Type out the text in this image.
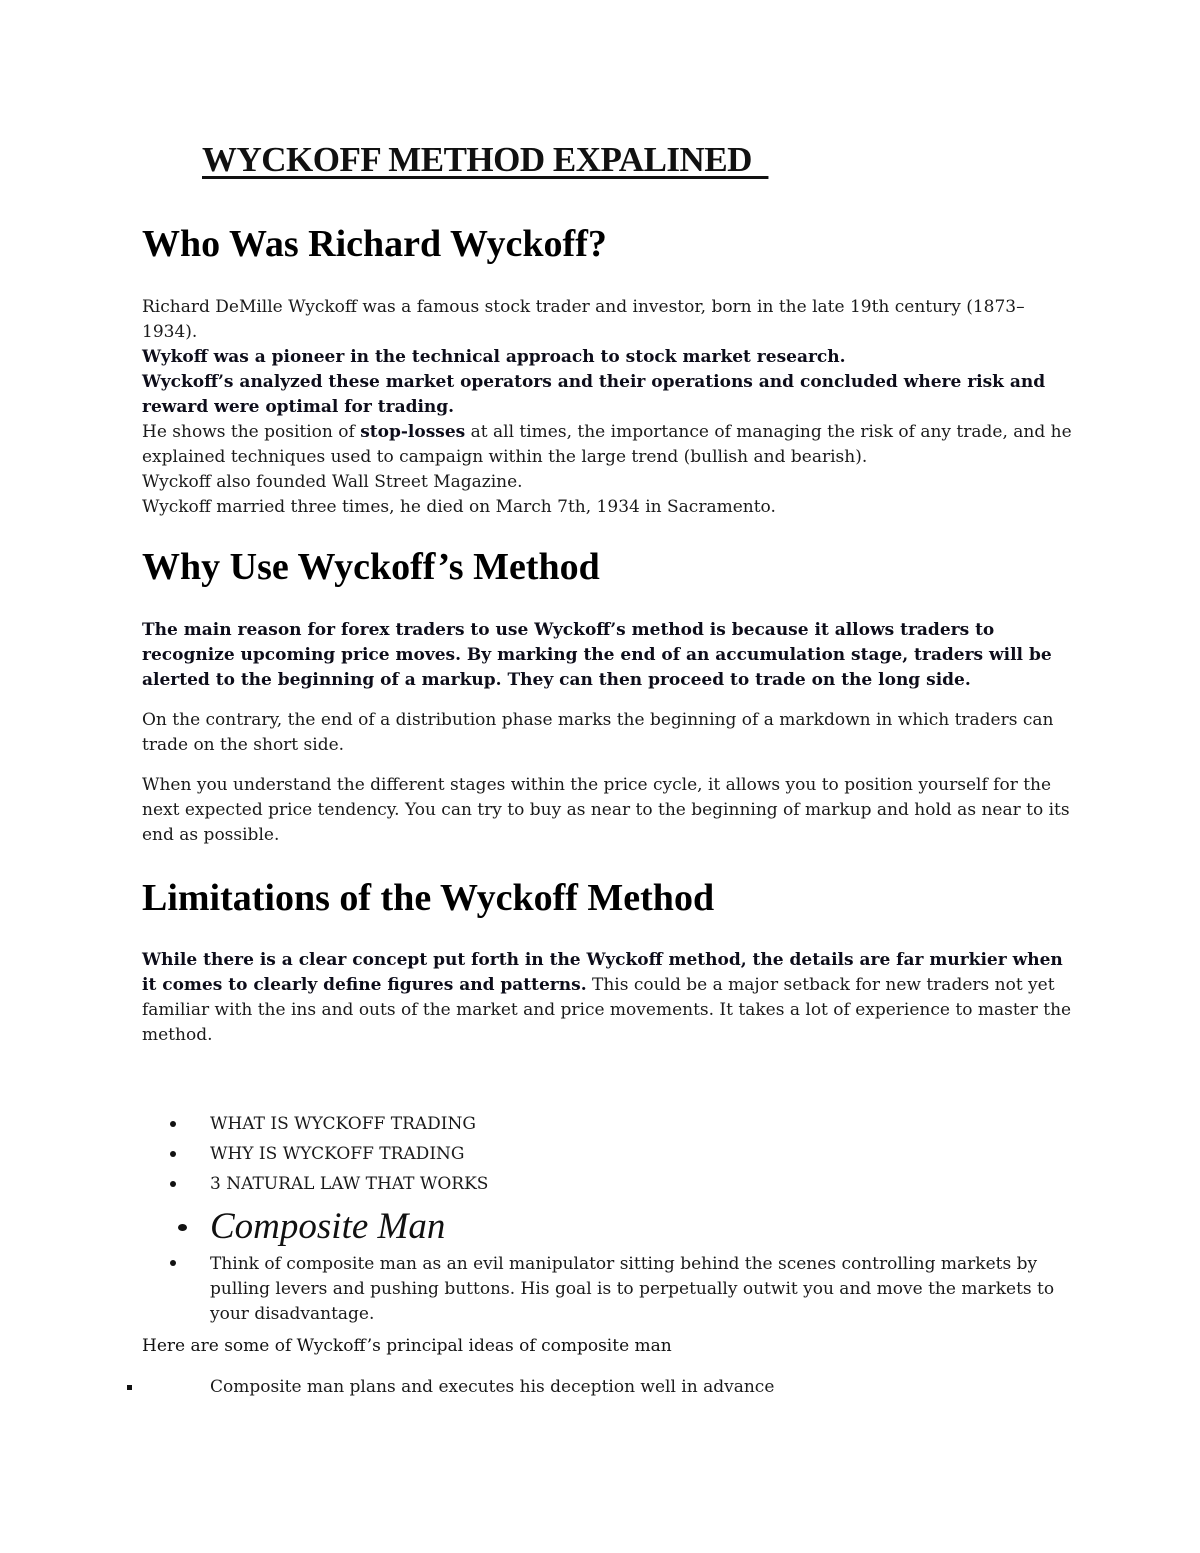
WYCKOFF METHOD EXPALINED
Who Was Richard Wyckoff?

Richard DeMille Wyckoff was a famous stock trader and investor, born in the late 19th century (1873–1934).

Wykoff was a pioneer in the technical approach to stock market research.

Wyckoff’s analyzed these market operators and their operations and concluded where risk and reward were optimal for trading.

He shows the position of stop-losses at all times, the importance of managing the risk of any trade, and he explained techniques used to campaign within the large trend (bullish and bearish).

Wyckoff also founded Wall Street Magazine.

Wyckoff married three times, he died on March 7th, 1934 in Sacramento.

Why Use Wyckoff’s Method

The main reason for forex traders to use Wyckoff’s method is because it allows traders to recognize upcoming price moves. By marking the end of an accumulation stage, traders will be alerted to the beginning of a markup. They can then proceed to trade on the long side.

On the contrary, the end of a distribution phase marks the beginning of a markdown in which traders can trade on the short side.

When you understand the different stages within the price cycle, it allows you to position yourself for the next expected price tendency. You can try to buy as near to the beginning of markup and hold as near to its end as possible.

Limitations of the Wyckoff Method

While there is a clear concept put forth in the Wyckoff method, the details are far murkier when it comes to clearly define figures and patterns. This could be a major setback for new traders not yet familiar with the ins and outs of the market and price movements. It takes a lot of experience to master the method.

WHAT IS WYCKOFF TRADING
WHY IS WYCKOFF TRADING
3 NATURAL LAW THAT WORKS
Composite Man
Think of composite man as an evil manipulator sitting behind the scenes controlling markets by pulling levers and pushing buttons. His goal is to perpetually outwit you and move the markets to your disadvantage.
Here are some of Wyckoff’s principal ideas of composite man
Composite man plans and executes his deception well in advance
